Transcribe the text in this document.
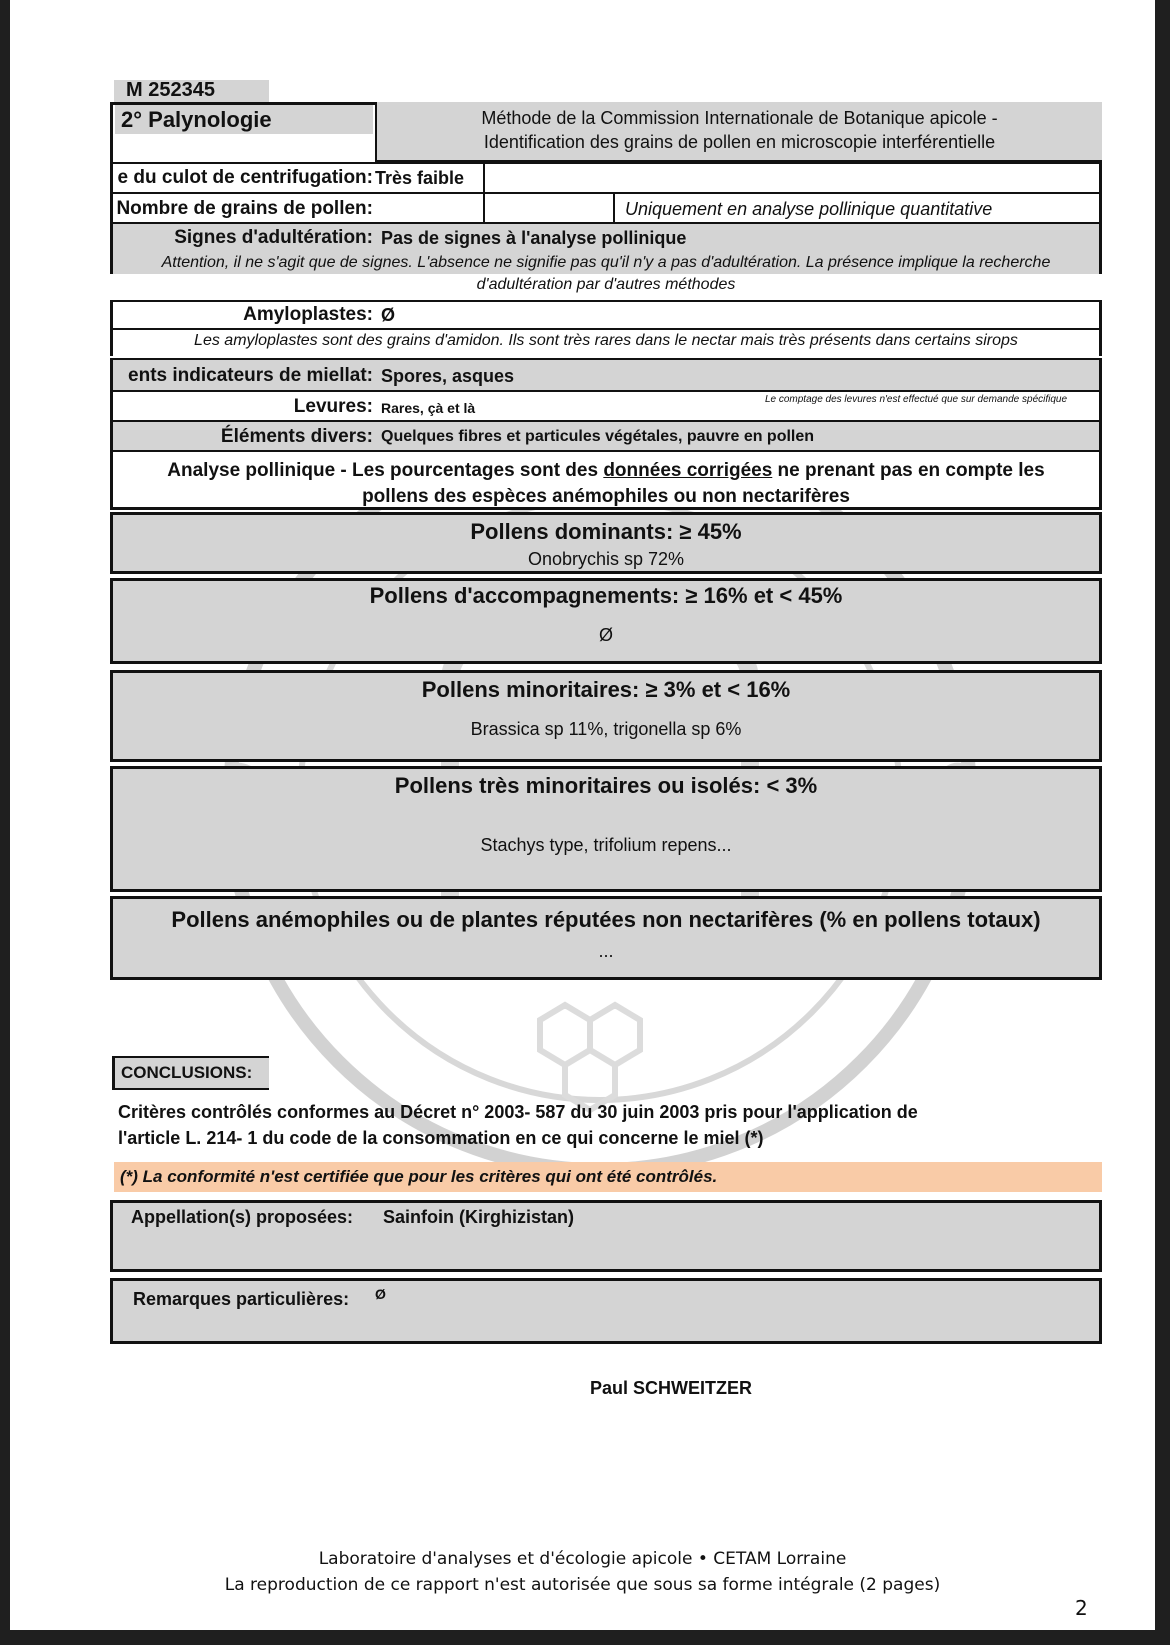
M 252345
2° Palynologie	Méthode de la Commission Internationale de Botanique apicole -
Identification des grains de pollen en microscopie interférentielle
e du culot de centrifugation: Très faible
Nombre de grains de pollen:	Uniquement en analyse pollinique quantitative
Signes d'adultération: Pas de signes à l'analyse pollinique
Attention, il ne s'agit que de signes. L'absence ne signifie pas qu'il n'y a pas d'adultération. La présence implique la recherche d'adultération par d'autres méthodes
Amyloplastes: Ø
Les amyloplastes sont des grains d'amidon. Ils sont très rares dans le nectar mais très présents dans certains sirops
ents indicateurs de miellat: Spores, asques
Levures: Rares, çà et là
Le comptage des levures n'est effectué que sur demande spécifique
Éléments divers: Quelques fibres et particules végétales, pauvre en pollen
Analyse pollinique - Les pourcentages sont des données corrigées ne prenant pas en compte les
pollens des espèces anémophiles ou non nectarifères
Pollens dominants: ≥ 45%
Onobrychis sp 72%
Pollens d'accompagnements: ≥ 16% et < 45%
Ø
Pollens minoritaires: ≥ 3% et < 16%
Brassica sp 11%, trigonella sp 6%
Pollens très minoritaires ou isolés: < 3%
Stachys type, trifolium repens...
Pollens anémophiles ou de plantes réputées non nectarifères (% en pollens totaux)
...
CONCLUSIONS:
Critères contrôlés conformes au Décret n° 2003- 587 du 30 juin 2003 pris pour l'application de
l'article L. 214- 1 du code de la consommation en ce qui concerne le miel (*)
(*) La conformité n'est certifiée que pour les critères qui ont été contrôlés.
Appellation(s) proposées: Sainfoin (Kirghizistan)
Remarques particulières: Ø
Paul SCHWEITZER
Laboratoire d'analyses et d'écologie apicole • CETAM Lorraine
La reproduction de ce rapport n'est autorisée que sous sa forme intégrale (2 pages)
2
